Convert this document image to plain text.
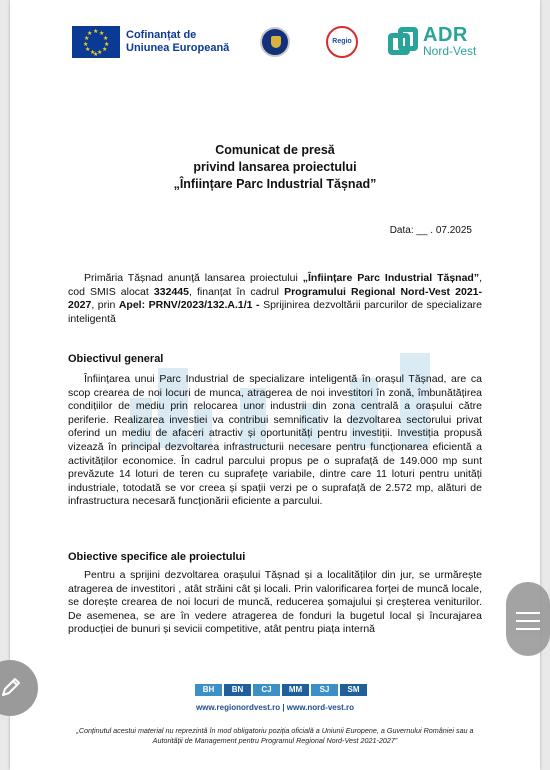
★ ★
★
★
★
★
★
★
★
★
★
★
Cofinanțat de
Uniunea Europeană
Regio	ADR
Nord-Vest
Comunicat de presă
privind lansarea proiectului
„Înființare Parc Industrial Tășnad”
Data: __ . 07.2025
Primăria Tășnad anunță lansarea proiectului „Înființare Parc Industrial Tășnad”, cod SMIS alocat 332445, finanțat în cadrul Programului Regional Nord-Vest 2021-2027, prin Apel: PRNV/2023/132.A.1/1 - Sprijinirea dezvoltării parcurilor de specializare inteligentă
Obiectivul general

Înființarea unui Parc Industrial de specializare inteligentă în orașul Tășnad, are ca scop crearea de noi locuri de munca, atragerea de noi investitori în zonă, îmbunătățirea condițiilor de mediu prin relocarea unor industrii din zona centrală a orașului către periferie. Realizarea investiei va contribui semnificativ la dezvoltarea sectorului privat oferind un mediu de afaceri atractiv și oportunități pentru investiții. Investiția propusă vizează în principal dezvoltarea infrastructurii necesare pentru funcționarea eficientă a activităților economice. În cadrul parcului propus pe o suprafață de 149.000 mp sunt prevăzute 14 loturi de teren cu suprafețe variabile, dintre care 11 loturi pentru unități industriale, totodată se vor creea și spații verzi pe o suprafață de 2.572 mp, alături de infrastructura necesară funcționării eficiente a parcului.

Obiective specifice ale proiectului

Pentru a sprijini dezvoltarea orașului Tășnad și a localităților din jur, se urmărește atragerea de investitori , atât străini cât și locali. Prin valorificarea forței de muncă locale, se dorește crearea de noi locuri de muncă, reducerea șomajului și creșterea veniturilor. De asemenea, se are în vedere atragerea de fonduri la bugetul local și încurajarea producției de bunuri și sevicii competitive, atât pentru piața internă

BH	BN	CJ	MM	SJ	SM
www.regionordvest.ro | www.nord-vest.ro
„Conținutul acestui material nu reprezintă în mod obligatoriu poziția oficială a Uniunii Europene, a Guvernului României sau a Autorității de Management pentru Programul Regional Nord-Vest 2021-2027”
